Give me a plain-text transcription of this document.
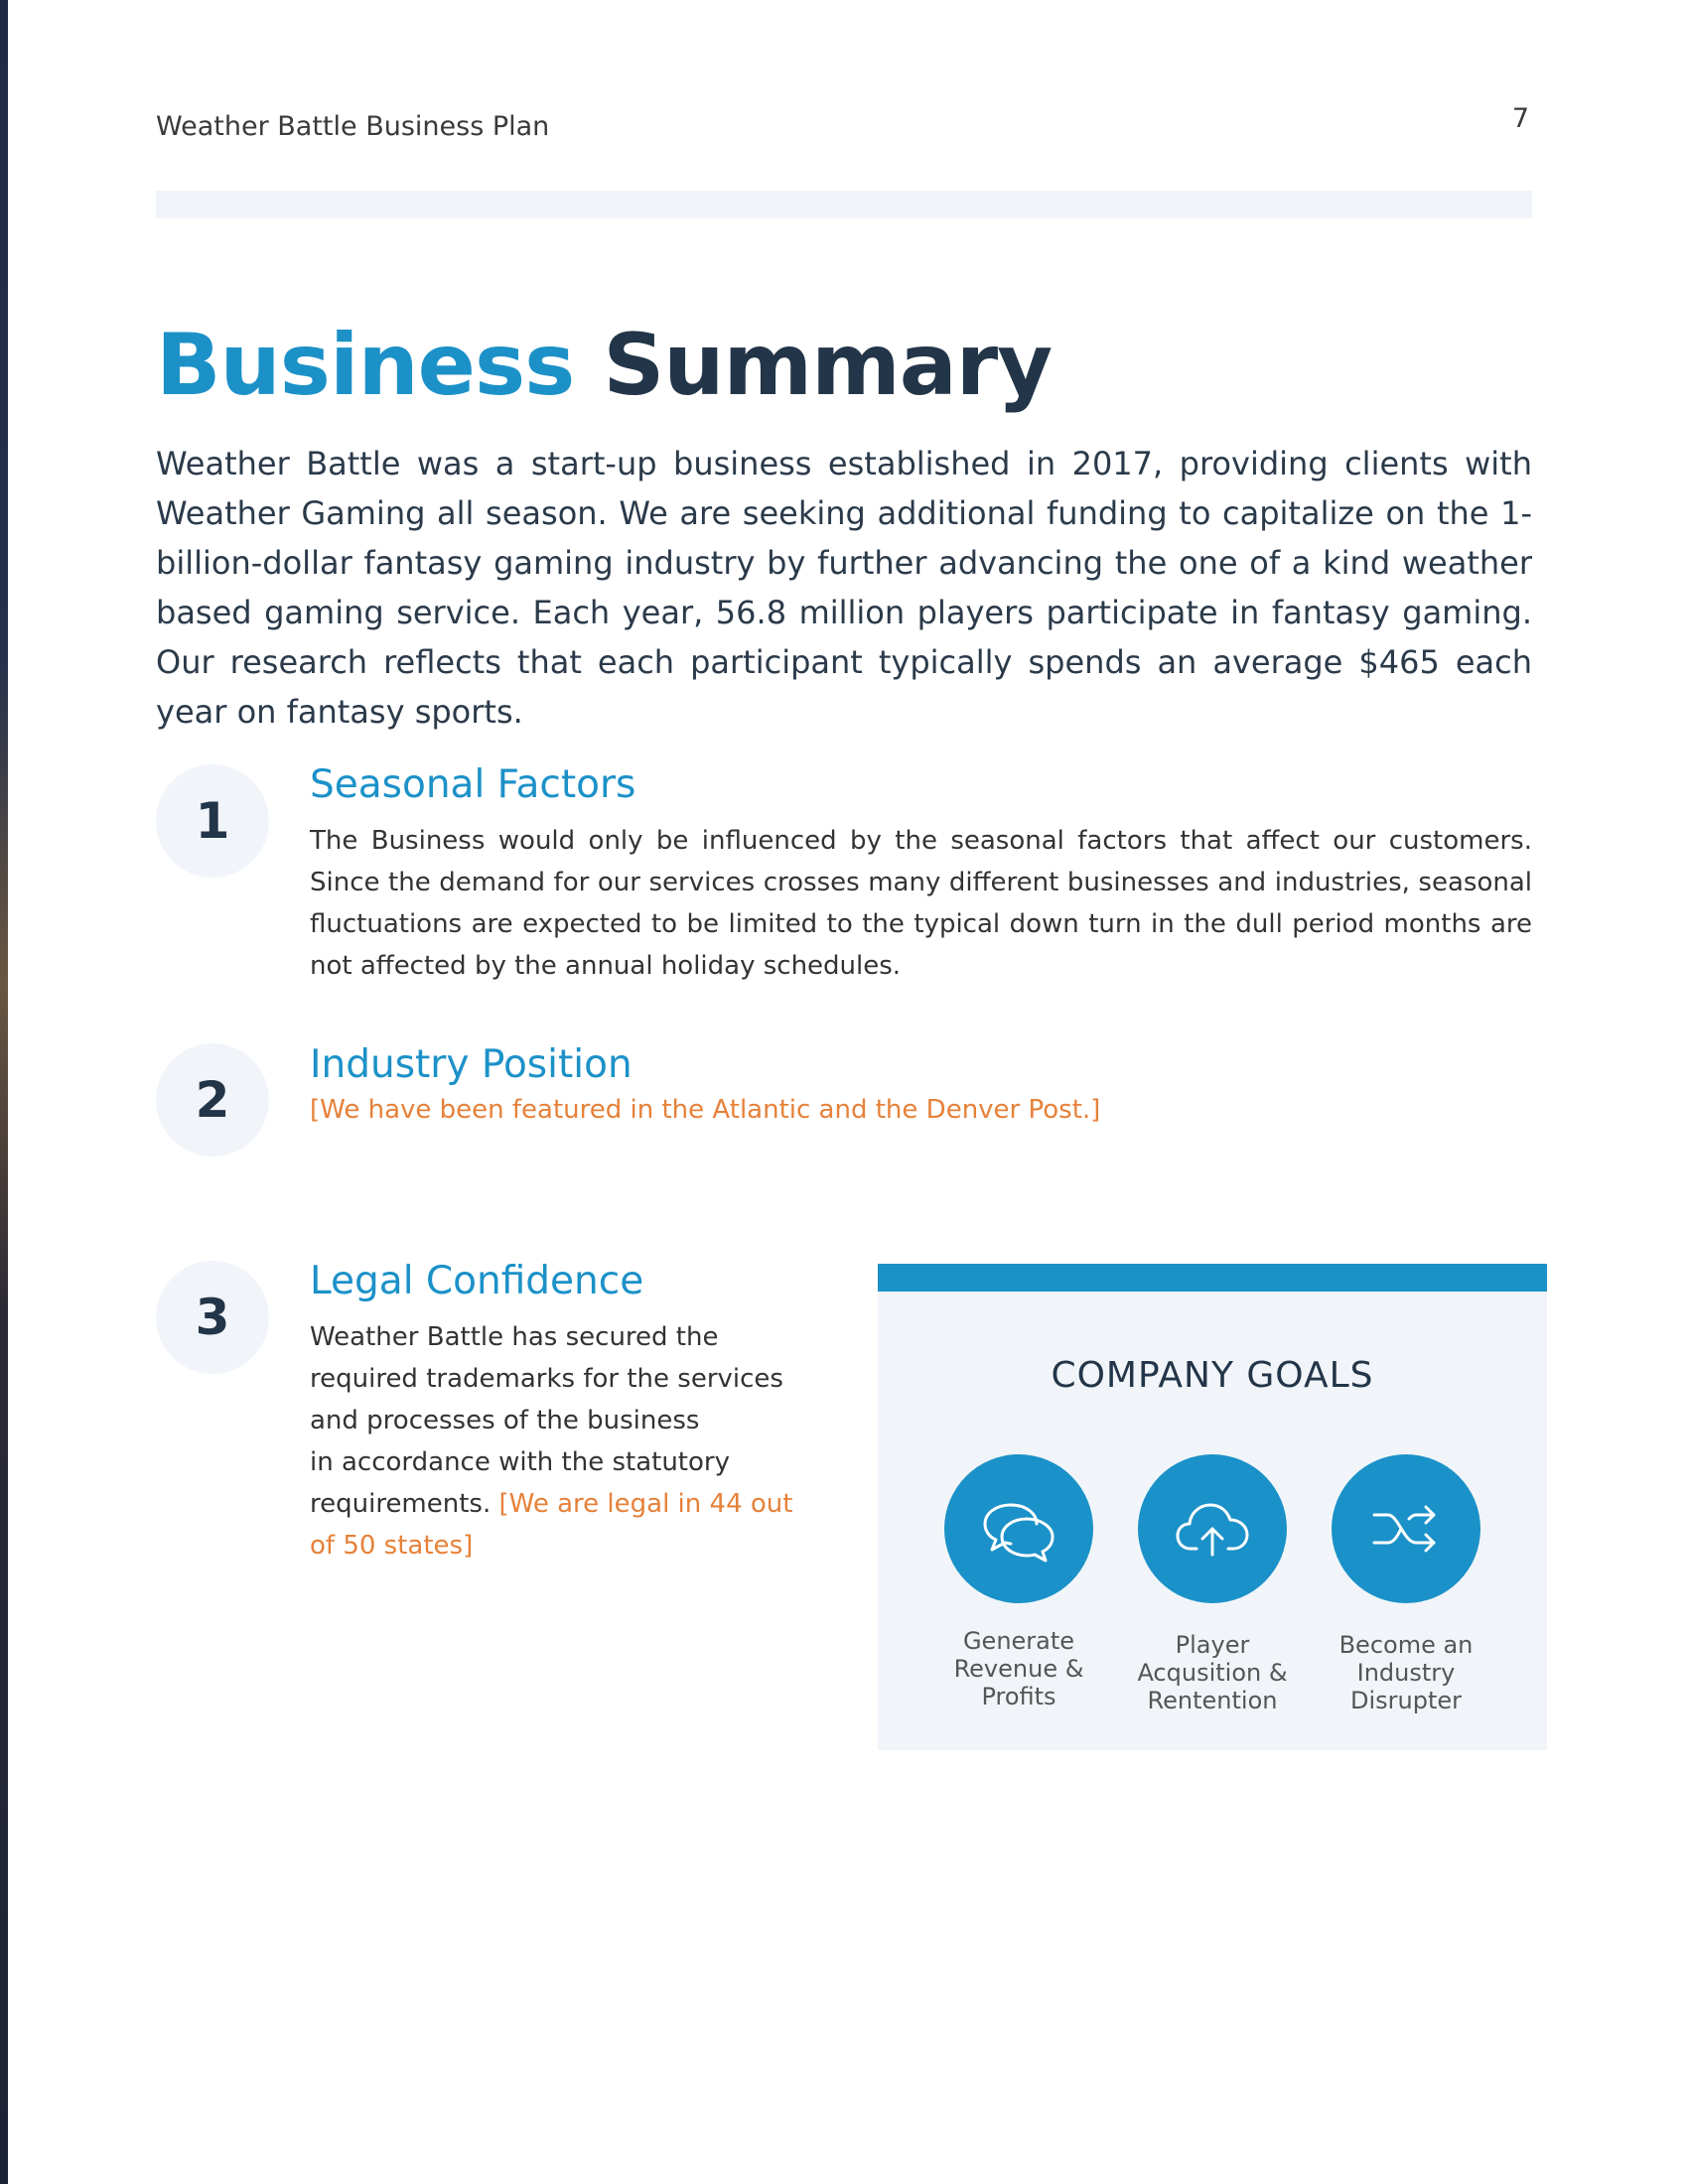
Weather Battle Business Plan	7
Business Summary
Weather Battle was a start-up business established in 2017, providing clients with Weather Gaming all season. We are seeking additional funding to capitalize on the 1-billion-dollar fantasy gaming industry by further advancing the one of a kind weather based gaming service. Each year, 56.8 million players participate in fantasy gaming. Our research reflects that each participant typically spends an average $465 each year on fantasy sports.
1
Seasonal Factors
The Business would only be influenced by the seasonal factors that affect our customers. Since the demand for our services crosses many different businesses and industries, seasonal fluctuations are expected to be limited to the typical down turn in the dull period months are not affected by the annual holiday schedules.
2
Industry Position
[We have been featured in the Atlantic and the Denver Post.]
3
Legal Confidence
Weather Battle has secured the
required trademarks for the services
and processes of the business
in accordance with the statutory
requirements. [We are legal in 44 out
of 50 states]
COMPANY GOALS
Generate
Revenue &
Profits
Player
Acqusition &
Rentention
Become an
Industry
Disrupter
